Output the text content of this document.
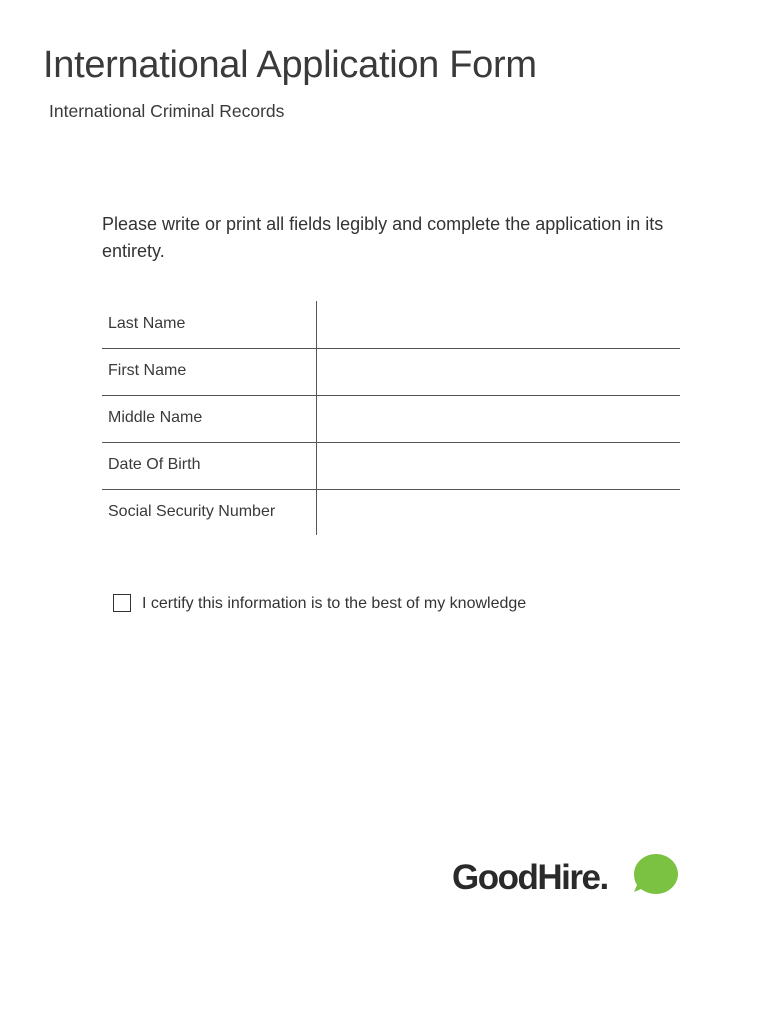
International Application Form
International Criminal Records

Please write or print all fields legibly and complete the application in its entirety.

Last Name
First Name
Middle Name
Date Of Birth
Social Security Number
I certify this information is to the best of my knowledge
GoodHire.
